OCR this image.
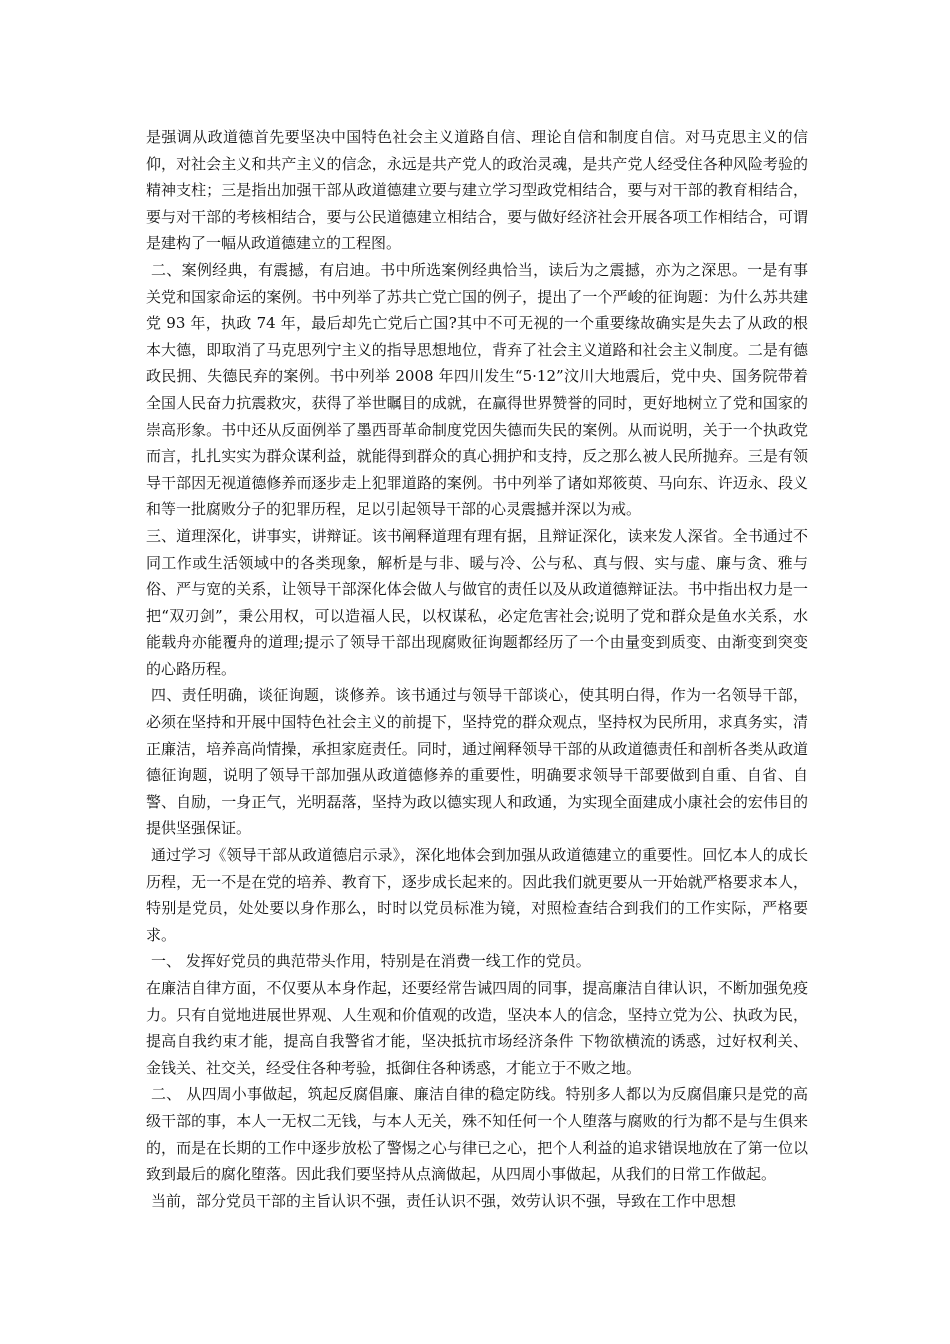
是强调从政道德首先要坚决中国特色社会主义道路自信、理论自信和制度自信。对马克思主义的信仰，对社会主义和共产主义的信念，永远是共产党人的政治灵魂，是共产党人经受住各种风险考验的精神支柱；三是指出加强干部从政道德建立要与建立学习型政党相结合，要与对干部的教育相结合，要与对干部的考核相结合，要与公民道德建立相结合，要与做好经济社会开展各项工作相结合，可谓是建构了一幅从政道德建立的工程图。

二、案例经典，有震撼，有启迪。书中所选案例经典恰当，读后为之震撼，亦为之深思。一是有事关党和国家命运的案例。书中列举了苏共亡党亡国的例子，提出了一个严峻的征询题：为什么苏共建党 93 年，执政 74 年，最后却先亡党后亡国?其中不可无视的一个重要缘故确实是失去了从政的根本大德，即取消了马克思列宁主义的指导思想地位，背弃了社会主义道路和社会主义制度。二是有德政民拥、失德民弃的案例。书中列举 2008 年四川发生“5·12”汶川大地震后，党中央、国务院带着全国人民奋力抗震救灾，获得了举世瞩目的成就，在赢得世界赞誉的同时，更好地树立了党和国家的崇高形象。书中还从反面例举了墨西哥革命制度党因失德而失民的案例。从而说明，关于一个执政党而言，扎扎实实为群众谋利益，就能得到群众的真心拥护和支持，反之那么被人民所抛弃。三是有领导干部因无视道德修养而逐步走上犯罪道路的案例。书中列举了诸如郑筱萸、马向东、许迈永、段义和等一批腐败分子的犯罪历程，足以引起领导干部的心灵震撼并深以为戒。

三、道理深化，讲事实，讲辩证。该书阐释道理有理有据，且辩证深化，读来发人深省。全书通过不同工作或生活领域中的各类现象，解析是与非、暖与冷、公与私、真与假、实与虚、廉与贪、雅与俗、严与宽的关系，让领导干部深化体会做人与做官的责任以及从政道德辩证法。书中指出权力是一把“双刃剑”，秉公用权，可以造福人民，以权谋私，必定危害社会;说明了党和群众是鱼水关系，水能载舟亦能覆舟的道理;提示了领导干部出现腐败征询题都经历了一个由量变到质变、由渐变到突变的心路历程。

四、责任明确，谈征询题，谈修养。该书通过与领导干部谈心，使其明白得，作为一名领导干部，必须在坚持和开展中国特色社会主义的前提下，坚持党的群众观点，坚持权为民所用，求真务实，清正廉洁，培养高尚情操，承担家庭责任。同时，通过阐释领导干部的从政道德责任和剖析各类从政道德征询题，说明了领导干部加强从政道德修养的重要性，明确要求领导干部要做到自重、自省、自警、自励，一身正气，光明磊落，坚持为政以德实现人和政通，为实现全面建成小康社会的宏伟目的提供坚强保证。

通过学习《领导干部从政道德启示录》，深化地体会到加强从政道德建立的重要性。回忆本人的成长历程，无一不是在党的培养、教育下，逐步成长起来的。因此我们就更要从一开始就严格要求本人，特别是党员，处处要以身作那么，时时以党员标准为镜，对照检查结合到我们的工作实际，严格要求。

一、 发挥好党员的典范带头作用，特别是在消费一线工作的党员。

在廉洁自律方面，不仅要从本身作起，还要经常告诫四周的同事，提高廉洁自律认识，不断加强免疫力。只有自觉地进展世界观、人生观和价值观的改造，坚决本人的信念，坚持立党为公、执政为民，提高自我约束才能，提高自我警省才能，坚决抵抗市场经济条件 下物欲横流的诱惑，过好权利关、金钱关、社交关，经受住各种考验，抵御住各种诱惑，才能立于不败之地。

二、 从四周小事做起，筑起反腐倡廉、廉洁自律的稳定防线。特别多人都以为反腐倡廉只是党的高级干部的事，本人一无权二无钱，与本人无关，殊不知任何一个人堕落与腐败的行为都不是与生俱来的，而是在长期的工作中逐步放松了警惕之心与律已之心，把个人利益的追求错误地放在了第一位以致到最后的腐化堕落。因此我们要坚持从点滴做起，从四周小事做起，从我们的日常工作做起。

当前，部分党员干部的主旨认识不强，责任认识不强，效劳认识不强，导致在工作中思想
